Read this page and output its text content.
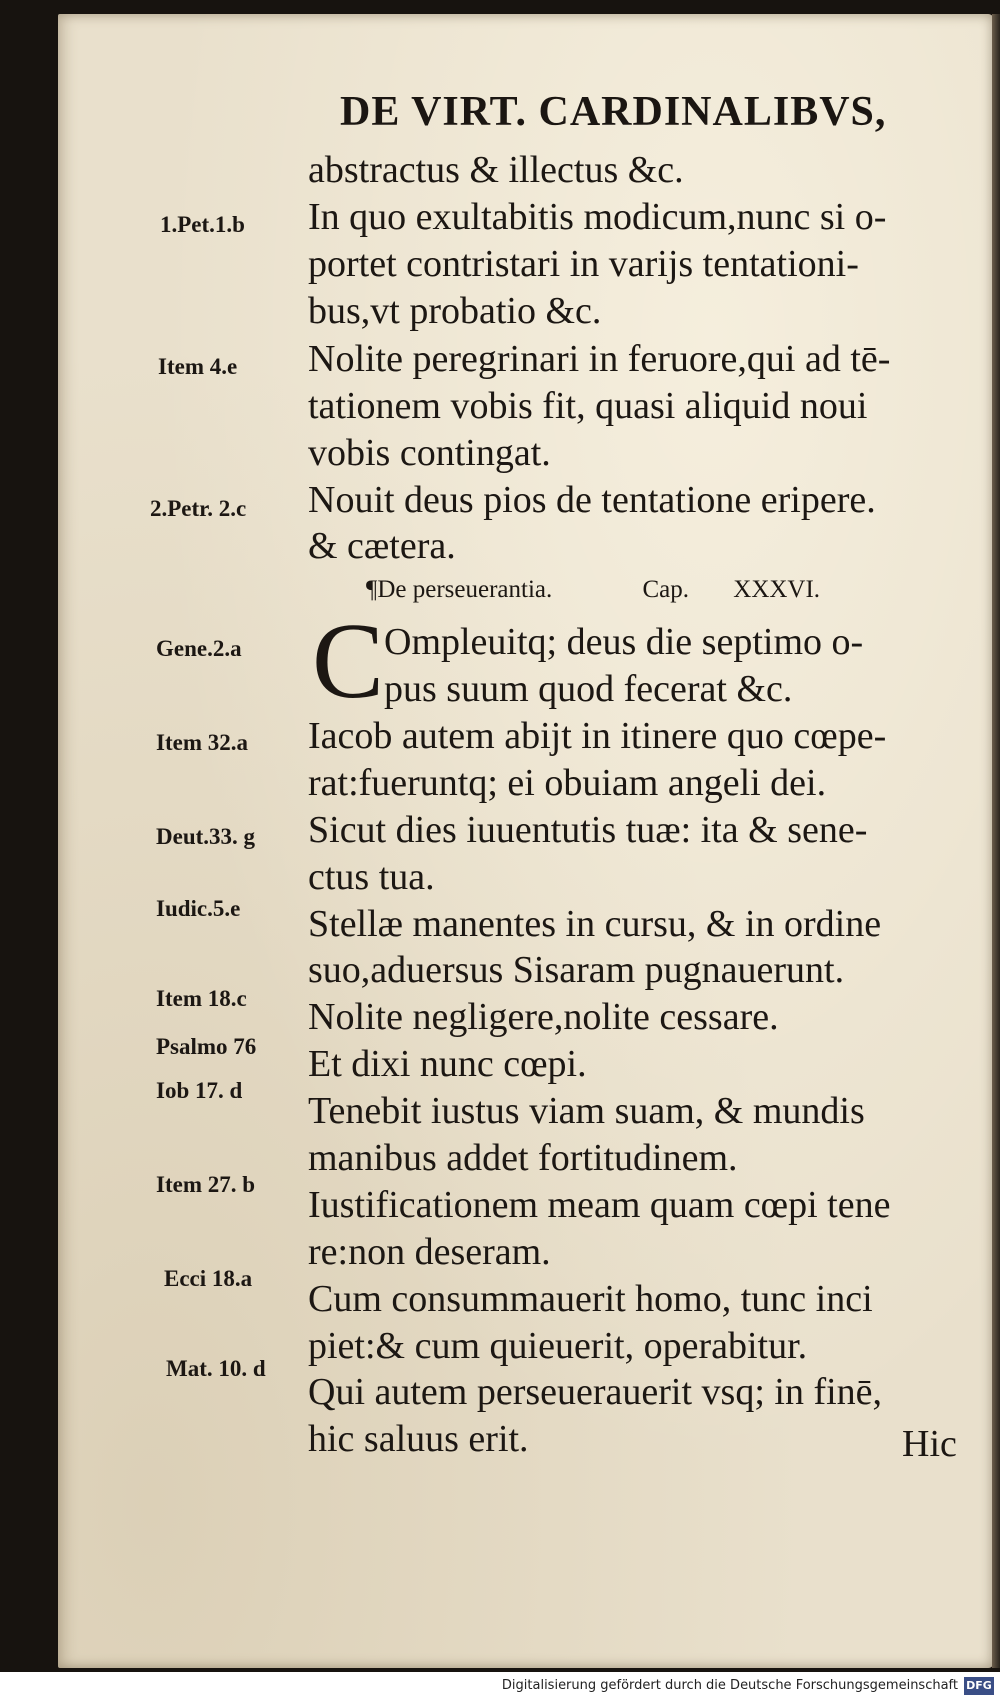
DE VIRT. CARDINALIBVS,
abstractus & illectus &c.
In quo exultabitis modicum,nunc si o-
portet contristari in varijs tentationi-
bus,vt probatio &c.
Nolite peregrinari in feruore,qui ad tē-
tationem vobis fit, quasi aliquid noui
vobis contingat.
Nouit deus pios de tentatione eripere.
& cætera.
¶De perseuerantia.	Cap. XXXVI.
C Ompleuitq; deus die septimo o-
pus suum quod fecerat &c.
Iacob autem abijt in itinere quo cœpe-
rat:fueruntq; ei obuiam angeli dei.
Sicut dies iuuentutis tuæ: ita & sene-
ctus tua.
Stellæ manentes in cursu, & in ordine
suo,aduersus Sisaram pugnauerunt.
Nolite negligere,nolite cessare.
Et dixi nunc cœpi.
Tenebit iustus viam suam, & mundis
manibus addet fortitudinem.
Iustificationem meam quam cœpi tene
re:non deseram.
Cum consummauerit homo, tunc inci
piet:& cum quieuerit, operabitur.
Qui autem perseuerauerit vsq; in finē,
hic saluus erit.
1.Pet.1.b
Item 4.e
2.Petr. 2.c
Gene.2.a
Item 32.a
Deut.33. g
Iudic.5.e
Item 18.c
Psalmo 76
Iob 17. d
Item 27. b
Ecci 18.a
Mat. 10. d
Hic
Digitalisierung gefördert durch die Deutsche Forschungsgemeinschaft DFG
